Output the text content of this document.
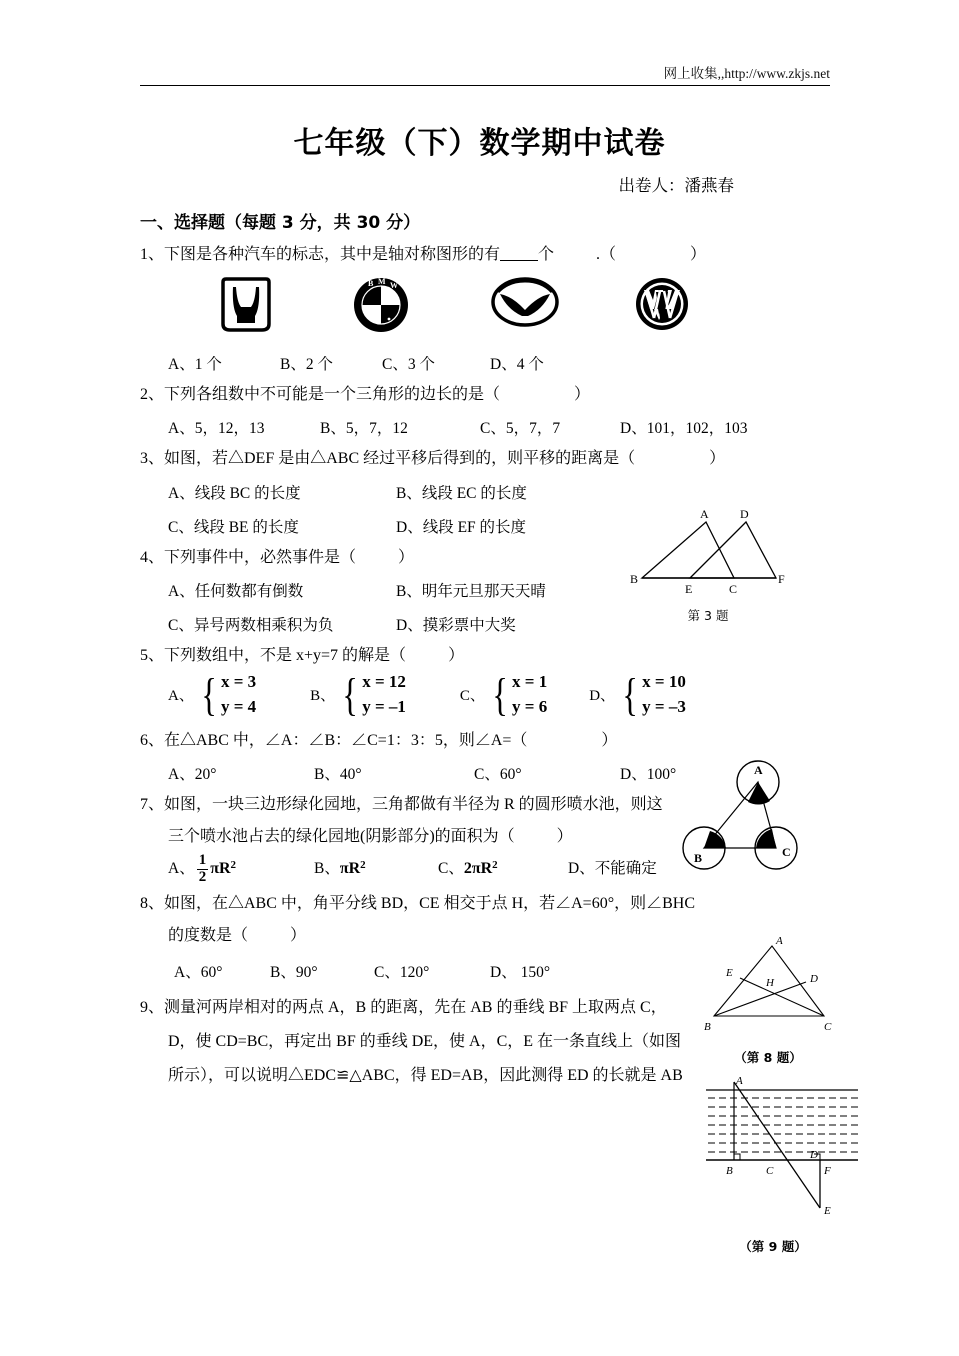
网上收集,,http://www.zkjs.net
七年级（下）数学期中试卷
出卷人：潘燕春
一、选择题（每题 3 分，共 30 分）
1、下图是各种汽车的标志，其中是轴对称图形的有 个	.（	）
B M W
A、1 个	B、2 个	C、3 个	D、4 个
2、下列各组数中不可能是一个三角形的边长的是（	）
A、5，12，13	B、5，7，12	C、5，7，7	D、101，102，103
3、如图，若△DEF 是由△ABC 经过平移后得到的，则平移的距离是（	）
A、线段 BC 的长度	B、线段 EC 的长度
C、线段 BE 的长度	D、线段 EF 的长度
4、下列事件中，必然事件是（	）
A、任何数都有倒数	B、明年元旦那天天晴
C、异号两数相乘积为负	D、摸彩票中大奖
5、下列数组中，不是 x+y=7 的解是（	）
A、 { x = 3
y = 4
B、 { x = 12
y = –1
C、 { x = 1
y = 6
D、 { x = 10
y = –3
6、在△ABC 中，∠A：∠B：∠C=1：3：5，则∠A=（	）
A、20°	B、40°	C、60°	D、100°
7、如图，一块三边形绿化园地，三角都做有半径为 R 的圆形喷水池，则这
三个喷水池占去的绿化园地(阴影部分)的面积为（	）
A、 $\frac{1}{2} \pi R^2$	B、$\pi R^2$	C、$2\pi R^2$	D、不能确定
8、如图，在△ABC 中，角平分线 BD，CE 相交于点 H，若∠A=60°，则∠BHC
的度数是（	）
A、60°	B、90°	C、120°	D、 150°
9、测量河两岸相对的两点 A，B 的距离，先在 AB 的垂线 BF 上取两点 C，
D，使 CD=BC，再定出 BF 的垂线 DE，使 A，C，E 在一条直线上（如图
所示），可以说明△EDC≌△ABC，得 ED=AB，因此测得 ED 的长就是 AB
A	D
B
E	C
F
第 3 题
A
B	C
A
E	D
H
B	C
（第 8 题）
A
B	C
D
F
E
（第 9 题）
